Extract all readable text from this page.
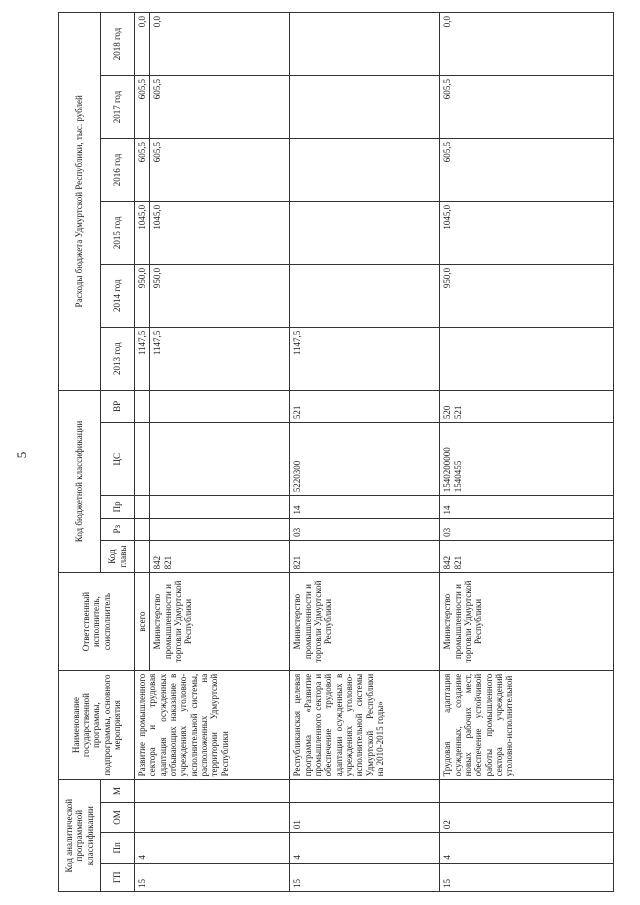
5
Код аналитической программной классификации				Наименование государственной программы, подпрограммы, основного мероприятия	Ответственный исполнитель, соисполнитель	Код бюджетной классификации					Расходы бюджета Удмуртской Республики, тыс. рублей					
ГП	Пп	ОМ	М			Код главы	Рз	Пр	ЦС	ВР	2013 год	2014 год	2015 год	2016 год	2017 год	2018 год
15	4			Развитие промышленного сектора и трудовая адаптация осужденных отбывающих наказание в учреждениях уголовно-исполнительной системы, расположенных на территории Удмуртской Республики	всего						1147,5	950,0	1045,0	605,5	605,5	0,0
					Министерство промышленности и торговли Удмуртской Республики	842 821					1147,5	950,0	1045,0	605,5	605,5	0,0
15	4	01		Республиканская целевая программа «Развитие промышленного сектора и обеспечение трудовой адаптации осужденных в учреждениях уголовно-исполнительной системы Удмуртской Республики на 2010-2015 годы»	Министерство промышленности и торговли Удмуртской Республики	821	03	14	5220300	521	1147,5					
15	4	02		Трудовая адаптация осужденных, создание новых рабочих мест, обеспечение устойчивой работы промышленного сектора учреждений уголовно-исполнительной	Министерство промышленности и торговли Удмуртской Республики	842 821	03	14	1540200000 1540455	520 521		950,0	1045,0	605,5	605,5	0,0
